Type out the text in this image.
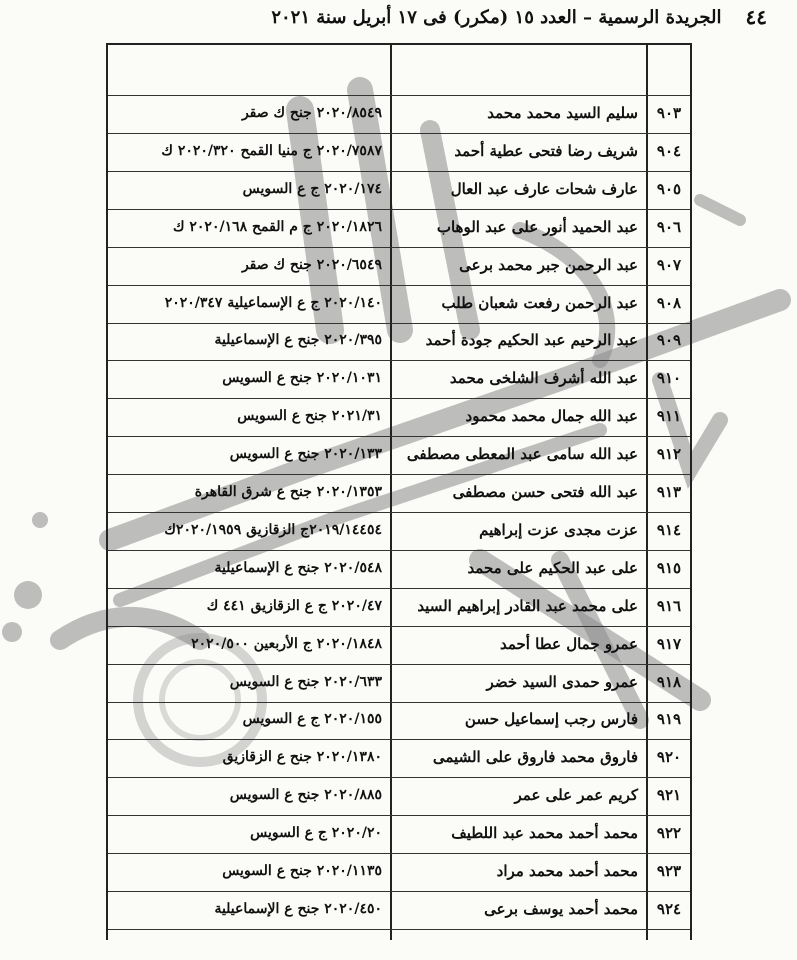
٤٤
الجريدة الرسمية – العدد ١٥ (مكرر) فى ١٧ أبريل سنة ٢٠٢١
٩٠٣
سليم السيد محمد محمد
٢٠٢٠/٨٥٤٩ جنح ك صقر
٩٠٤
شريف رضا فتحى عطية أحمد
٢٠٢٠/٧٥٨٧ ج منيا القمح ٢٠٢٠/٣٢٠ ك
٩٠٥
عارف شحات عارف عبد العال
٢٠٢٠/١٧٤ ج ع السويس
٩٠٦
عبد الحميد أنور على عبد الوهاب
٢٠٢٠/١٨٢٦ ج م القمح ٢٠٢٠/١٦٨ ك
٩٠٧
عبد الرحمن جبر محمد برعى
٢٠٢٠/٦٥٤٩ جنح ك صقر
٩٠٨
عبد الرحمن رفعت شعبان طلب
٢٠٢٠/١٤٠ ج ع الإسماعيلية ٢٠٢٠/٣٤٧
٩٠٩
عبد الرحيم عبد الحكيم جودة أحمد
٢٠٢٠/٣٩٥ جنح ع الإسماعيلية
٩١٠
عبد الله أشرف الشلخى محمد
٢٠٢٠/١٠٣١ جنح ع السويس
٩١١
عبد الله جمال محمد محمود
٢٠٢١/٣١ جنح ع السويس
٩١٢
عبد الله سامى عبد المعطى مصطفى
٢٠٢٠/١٣٣ جنح ع السويس
٩١٣
عبد الله فتحى حسن مصطفى
٢٠٢٠/١٣٥٣ جنح ع شرق القاهرة
٩١٤
عزت مجدى عزت إبراهيم
٢٠١٩/١٤٤٥٤ج الزقازيق ٢٠٢٠/١٩٥٩ك
٩١٥
على عبد الحكيم على محمد
٢٠٢٠/٥٤٨ جنح ع الإسماعيلية
٩١٦
على محمد عبد القادر إبراهيم السيد
٢٠٢٠/٤٧ ج ع الزقازيق ٤٤١ ك
٩١٧
عمرو جمال عطا أحمد
٢٠٢٠/١٨٤٨ ج الأربعين ٢٠٢٠/٥٠٠
٩١٨
عمرو حمدى السيد خضر
٢٠٢٠/٦٣٣ جنح ع السويس
٩١٩
فارس رجب إسماعيل حسن
٢٠٢٠/١٥٥ ج ع السويس
٩٢٠
فاروق محمد فاروق على الشيمى
٢٠٢٠/١٣٨٠ جنح ع الزقازيق
٩٢١
كريم عمر على عمر
٢٠٢٠/٨٨٥ جنح ع السويس
٩٢٢
محمد أحمد محمد عبد اللطيف
٢٠٢٠/٢٠ ج ع السويس
٩٢٣
محمد أحمد محمد مراد
٢٠٢٠/١١٣٥ جنح ع السويس
٩٢٤
محمد أحمد يوسف برعى
٢٠٢٠/٤٥٠ جنح ع الإسماعيلية
